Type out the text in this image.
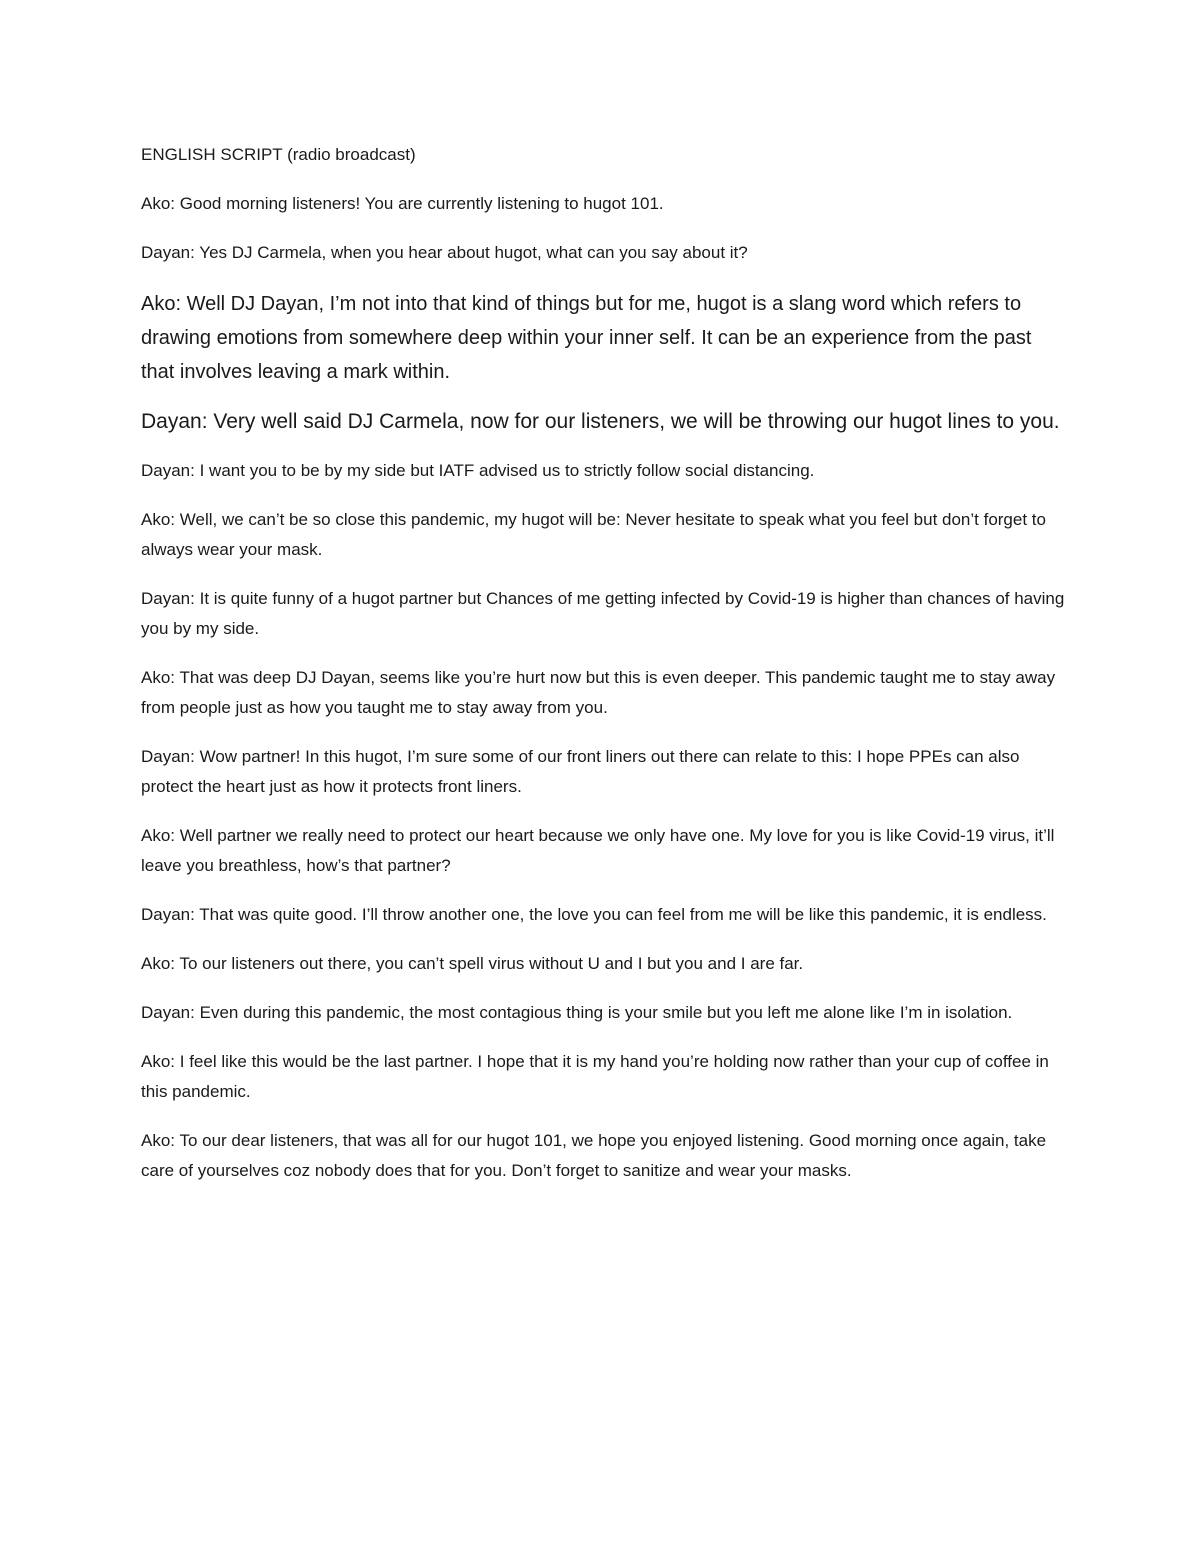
ENGLISH SCRIPT (radio broadcast)

Ako: Good morning listeners! You are currently listening to hugot 101.

Dayan: Yes DJ Carmela, when you hear about hugot, what can you say about it?

Ako: Well DJ Dayan, I’m not into that kind of things but for me, hugot is a slang word which refers to drawing emotions from somewhere deep within your inner self. It can be an experience from the past that involves leaving a mark within.

Dayan: Very well said DJ Carmela, now for our listeners, we will be throwing our hugot lines to you.

Dayan: I want you to be by my side but IATF advised us to strictly follow social distancing.

Ako: Well, we can’t be so close this pandemic, my hugot will be: Never hesitate to speak what you feel but don’t forget to always wear your mask.

Dayan: It is quite funny of a hugot partner but Chances of me getting infected by Covid-19 is higher than chances of having you by my side.

Ako: That was deep DJ Dayan, seems like you’re hurt now but this is even deeper. This pandemic taught me to stay away from people just as how you taught me to stay away from you.

Dayan: Wow partner! In this hugot, I’m sure some of our front liners out there can relate to this: I hope PPEs can also protect the heart just as how it protects front liners.

Ako: Well partner we really need to protect our heart because we only have one. My love for you is like Covid-19 virus, it’ll leave you breathless, how’s that partner?

Dayan: That was quite good. I’ll throw another one, the love you can feel from me will be like this pandemic, it is endless.

Ako: To our listeners out there, you can’t spell virus without U and I but you and I are far.

Dayan: Even during this pandemic, the most contagious thing is your smile but you left me alone like I’m in isolation.

Ako: I feel like this would be the last partner. I hope that it is my hand you’re holding now rather than your cup of coffee in this pandemic.

Ako: To our dear listeners, that was all for our hugot 101, we hope you enjoyed listening. Good morning once again, take care of yourselves coz nobody does that for you. Don’t forget to sanitize and wear your masks.
